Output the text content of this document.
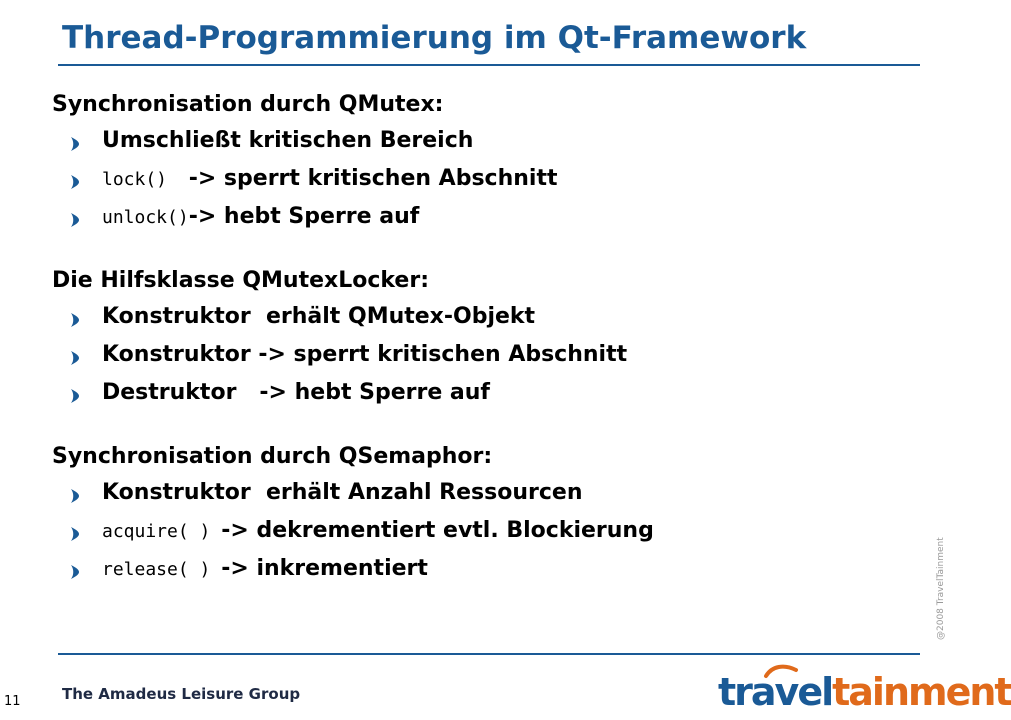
Thread-Programmierung im Qt-Framework
Synchronisation durch QMutex:
Umschließt kritischen Bereich
lock()  -> sperrt kritischen Abschnitt
unlock()-> hebt Sperre auf
Die Hilfsklasse QMutexLocker:
Konstruktor  erhält QMutex-Objekt
Konstruktor -> sperrt kritischen Abschnitt
Destruktor   -> hebt Sperre auf
Synchronisation durch QSemaphor:
Konstruktor  erhält Anzahl Ressourcen
acquire( ) -> dekrementiert evtl. Blockierung
release( ) -> inkrementiert	@2008 TravelTainment
11	The Amadeus Leisure Group	traveltainment
